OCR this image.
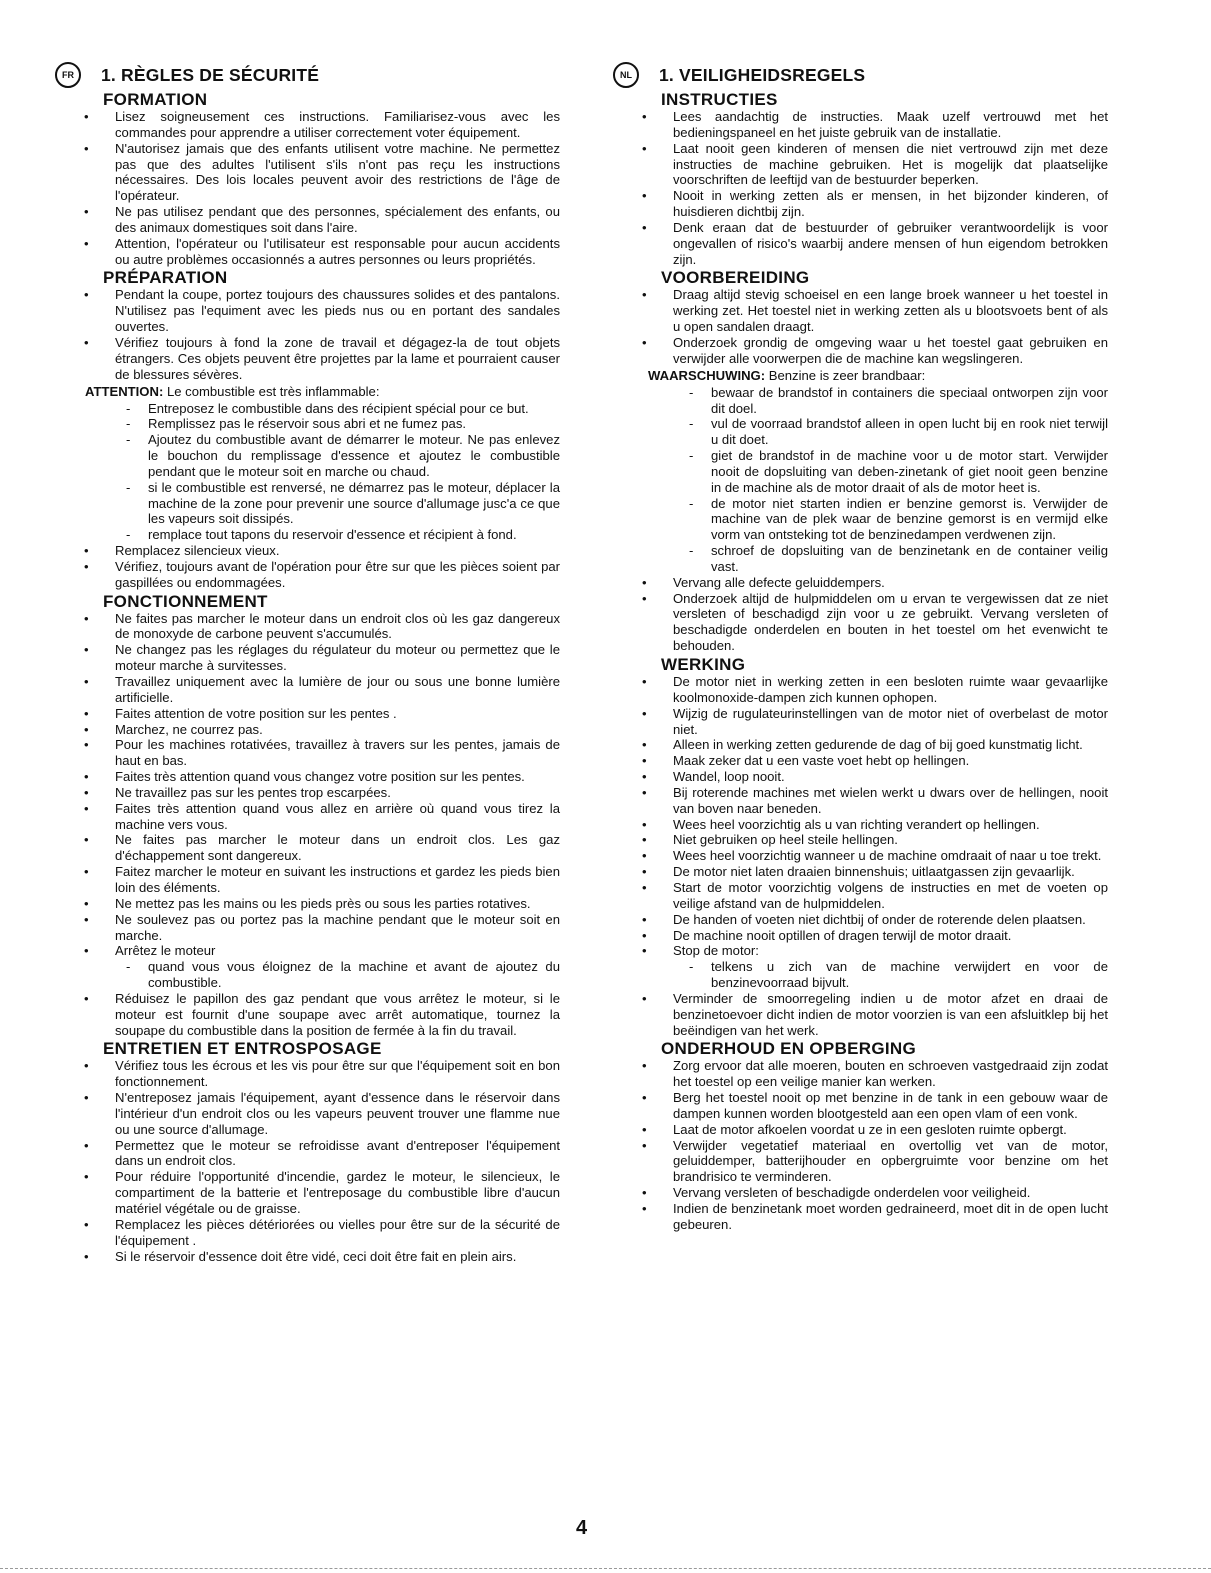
FR	1. RÈGLES DE SÉCURITÉ
FORMATION
• Lisez soigneusement ces instructions. Familiarisez-vous avec les commandes pour apprendre a utiliser correctement voter équipement.
• N'autorisez jamais que des enfants utilisent votre machine. Ne permettez pas que des adultes l'utilisent s'ils n'ont pas reçu les instructions nécessaires. Des lois locales peuvent avoir des restrictions de l'âge de l'opérateur.
• Ne pas utilisez pendant que des personnes, spécialement des enfants, ou des animaux domestiques soit dans l'aire.
• Attention, l'opérateur ou l'utilisateur est responsable pour aucun accidents ou autre problèmes occasionnés a autres personnes ou leurs propriétés.
PRÉPARATION
• Pendant la coupe, portez toujours des chaussures solides et des pantalons. N'utilisez pas l'equiment avec les pieds nus ou en portant des sandales ouvertes.
• Vérifiez toujours à fond la zone de travail et dégagez-la de tout objets étrangers. Ces objets peuvent être projettes par la lame et pourraient causer de blessures sévères.
ATTENTION: Le combustible est très inflammable:
- Entreposez le combustible dans des récipient spécial pour ce but.
- Remplissez pas le réservoir sous abri et ne fumez pas.
- Ajoutez du combustible avant de démarrer le moteur. Ne pas enlevez le bouchon du remplissage d'essence et ajoutez le combustible pendant que le moteur soit en marche ou chaud.
- si le combustible est renversé, ne démarrez pas le moteur, déplacer la machine de la zone pour prevenir une source d'allumage jusc'a ce que les vapeurs soit dissipés.
- remplace tout tapons du reservoir d'essence et récipient à fond.
• Remplacez silencieux vieux.
• Vérifiez, toujours avant de l'opération pour être sur que les pièces soient par gaspillées ou endommagées.
FONCTIONNEMENT
• Ne faites pas marcher le moteur dans un endroit clos où les gaz dangereux de monoxyde de carbone peuvent s'accumulés.
• Ne changez pas les réglages du régulateur du moteur ou permettez que le moteur marche à survitesses.
• Travaillez uniquement avec la lumière de jour ou sous une bonne lumière artificielle.
• Faites attention de votre position sur les pentes .
• Marchez, ne courrez pas.
• Pour les machines rotativées, travaillez à travers sur les pentes, jamais de haut en bas.
• Faites très attention quand vous changez votre position sur les pentes.
• Ne travaillez pas sur les pentes trop escarpées.
• Faites très attention quand vous allez en arrière où quand vous tirez la machine vers vous.
• Ne faites pas marcher le moteur dans un endroit clos. Les gaz d'échappement sont dangereux.
• Faitez marcher le moteur en suivant les instructions et gardez les pieds bien loin des éléments.
• Ne mettez pas les mains ou les pieds près ou sous les parties rotatives.
• Ne soulevez pas ou portez pas la machine pendant que le moteur soit en marche.
• Arrêtez le moteur
- quand vous vous éloignez de la machine et avant de ajoutez du combustible.
• Réduisez le papillon des gaz pendant que vous arrêtez le moteur, si le moteur est fournit d'une soupape avec arrêt automatique, tournez la soupape du combustible dans la position de fermée à la fin du travail.
ENTRETIEN ET ENTROSPOSAGE
• Vérifiez tous les écrous et les vis pour être sur que l'équipement soit en bon fonctionnement.
• N'entreposez jamais l'équipement, ayant d'essence dans le réservoir dans l'intérieur d'un endroit clos ou les vapeurs peuvent trouver une flamme nue ou une source d'allumage.
• Permettez que le moteur se refroidisse avant d'entreposer l'équipement dans un endroit clos.
• Pour réduire l'opportunité d'incendie, gardez le moteur, le silencieux, le compartiment de la batterie et l'entreposage du combustible libre d'aucun matériel végétale ou de graisse.
• Remplacez les pièces détériorées ou vielles pour être sur de la sécurité de l'équipement .
• Si le réservoir d'essence doit être vidé, ceci doit être fait en plein airs.
NL	1. VEILIGHEIDSREGELS
INSTRUCTIES
• Lees aandachtig de instructies. Maak uzelf vertrouwd met het bedieningspaneel en het juiste gebruik van de installatie.
• Laat nooit geen kinderen of mensen die niet vertrouwd zijn met deze instructies de machine gebruiken. Het is mogelijk dat plaatselijke voorschriften de leeftijd van de bestuurder beperken.
• Nooit in werking zetten als er mensen, in het bijzonder kinderen, of huisdieren dichtbij zijn.
• Denk eraan dat de bestuurder of gebruiker verantwoordelijk is voor ongevallen of risico's waarbij andere mensen of hun eigendom betrokken zijn.
VOORBEREIDING
• Draag altijd stevig schoeisel en een lange broek wanneer u het toestel in werking zet. Het toestel niet in werking zetten als u blootsvoets bent of als u open sandalen draagt.
• Onderzoek grondig de omgeving waar u het toestel gaat gebruiken en verwijder alle voorwerpen die de machine kan wegslingeren.
WAARSCHUWING: Benzine is zeer brandbaar:
- bewaar de brandstof in containers die speciaal ontworpen zijn voor dit doel.
- vul de voorraad brandstof alleen in open lucht bij en rook niet terwijl u dit doet.
- giet de brandstof in de machine voor u de motor start. Verwijder nooit de dopsluiting van deben-zinetank of giet nooit geen benzine in de machine als de motor draait of als de motor heet is.
- de motor niet starten indien er benzine gemorst is. Verwijder de machine van de plek waar de benzine gemorst is en vermijd elke vorm van ontsteking tot de benzinedampen verdwenen zijn.
- schroef de dopsluiting van de benzinetank en de container veilig vast.
• Vervang alle defecte geluiddempers.
• Onderzoek altijd de hulpmiddelen om u ervan te vergewissen dat ze niet versleten of beschadigd zijn voor u ze gebruikt. Vervang versleten of beschadigde onderdelen en bouten in het toestel om het evenwicht te behouden.
WERKING
• De motor niet in werking zetten in een besloten ruimte waar gevaarlijke koolmonoxide-dampen zich kunnen ophopen.
• Wijzig de rugulateurinstellingen van de motor niet of overbelast de motor niet.
• Alleen in werking zetten gedurende de dag of bij goed kunstmatig licht.
• Maak zeker dat u een vaste voet hebt op hellingen.
• Wandel, loop nooit.
• Bij roterende machines met wielen werkt u dwars over de hellingen, nooit van boven naar beneden.
• Wees heel voorzichtig als u van richting verandert op hellingen.
• Niet gebruiken op heel steile hellingen.
• Wees heel voorzichtig wanneer u de machine omdraait of naar u toe trekt.
• De motor niet laten draaien binnenshuis; uitlaatgassen zijn gevaarlijk.
• Start de motor voorzichtig volgens de instructies en met de voeten op veilige afstand van de hulpmiddelen.
• De handen of voeten niet dichtbij of onder de roterende delen plaatsen.
• De machine nooit optillen of dragen terwijl de motor draait.
• Stop de motor:
- telkens u zich van de machine verwijdert en voor de benzinevoorraad bijvult.
• Verminder de smoorregeling indien u de motor afzet en draai de benzinetoevoer dicht indien de motor voorzien is van een afsluitklep bij het beëindigen van het werk.
ONDERHOUD EN OPBERGING
• Zorg ervoor dat alle moeren, bouten en schroeven vastgedraaid zijn zodat het toestel op een veilige manier kan werken.
• Berg het toestel nooit op met benzine in de tank in een gebouw waar de dampen kunnen worden blootgesteld aan een open vlam of een vonk.
• Laat de motor afkoelen voordat u ze in een gesloten ruimte opbergt.
• Verwijder vegetatief materiaal en overtollig vet van de motor, geluiddemper, batterijhouder en opbergruimte voor benzine om het brandrisico te verminderen.
• Vervang versleten of beschadigde onderdelen voor veiligheid.
• Indien de benzinetank moet worden gedraineerd, moet dit in de open lucht gebeuren.
4
